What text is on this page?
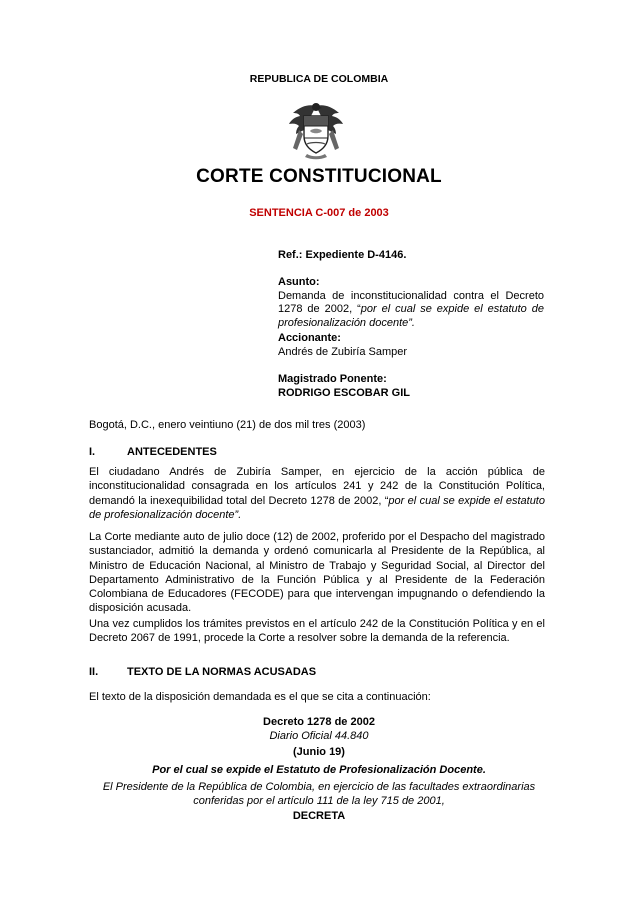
REPUBLICA DE COLOMBIA
CORTE CONSTITUCIONAL
SENTENCIA C-007 de 2003
Ref.: Expediente D-4146.
Asunto:
Demanda de inconstitucionalidad contra el Decreto 1278 de 2002, “por el cual se expide el estatuto de profesionalización docente”.
Accionante:
Andrés de Zubiría Samper
Magistrado Ponente:
RODRIGO ESCOBAR GIL
Bogotá, D.C., enero veintiuno (21) de dos mil tres (2003)
I.	ANTECEDENTES
El ciudadano Andrés de Zubiría Samper, en ejercicio de la acción pública de inconstitucionalidad consagrada en los artículos 241 y 242 de la Constitución Política, demandó la inexequibilidad total del Decreto 1278 de 2002, “por el cual se expide el estatuto de profesionalización docente”.
La Corte mediante auto de julio doce (12) de 2002, proferido por el Despacho del magistrado sustanciador, admitió la demanda y ordenó comunicarla al Presidente de la República, al Ministro de Educación Nacional, al Ministro de Trabajo y Seguridad Social, al Director del Departamento Administrativo de la Función Pública y al Presidente de la Federación Colombiana de Educadores (FECODE) para que intervengan impugnando o defendiendo la disposición acusada.
Una vez cumplidos los trámites previstos en el artículo 242 de la Constitución Política y en el Decreto 2067 de 1991, procede la Corte a resolver sobre la demanda de la referencia.
II.	TEXTO DE LA NORMAS ACUSADAS
El texto de la disposición demandada es el que se cita a continuación:
Decreto 1278 de 2002
Diario Oficial 44.840
(Junio 19)
Por el cual se expide el Estatuto de Profesionalización Docente.
El Presidente de la República de Colombia, en ejercicio de las facultades extraordinarias
conferidas por el artículo 111 de la ley 715 de 2001,
DECRETA
